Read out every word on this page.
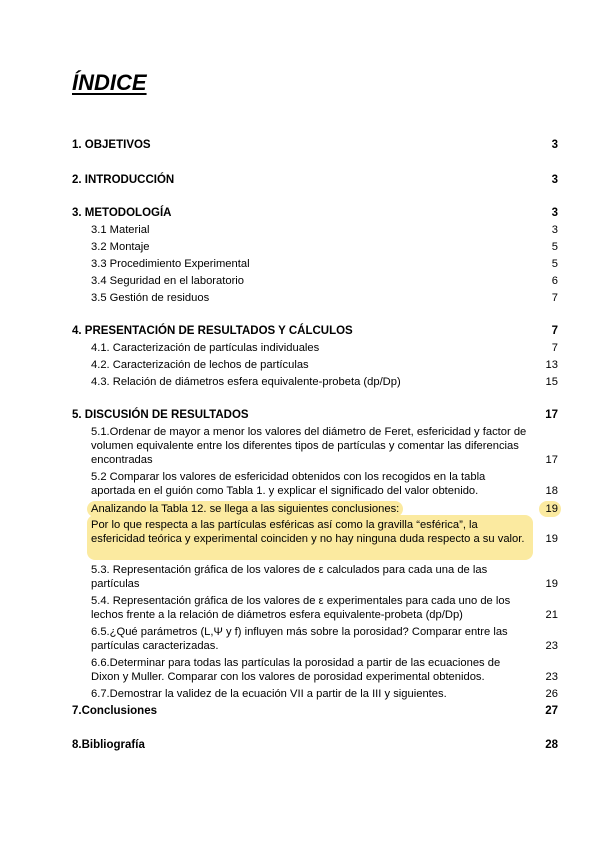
ÍNDICE
1. OBJETIVOS	3
2. INTRODUCCIÓN	3
3. METODOLOGÍA	3
3.1 Material	3
3.2 Montaje	5
3.3 Procedimiento Experimental	5
3.4 Seguridad en el laboratorio	6
3.5 Gestión de residuos	7
4. PRESENTACIÓN DE RESULTADOS Y CÁLCULOS	7
4.1. Caracterización de partículas individuales	7
4.2. Caracterización de lechos de partículas	13
4.3. Relación de diámetros esfera equivalente-probeta (dp/Dp)	15
5. DISCUSIÓN DE RESULTADOS	17
5.1.Ordenar de mayor a menor los valores del diámetro de Feret, esfericidad y factor de volumen equivalente entre los diferentes tipos de partículas y comentar las diferencias encontradas	17
5.2 Comparar los valores de esfericidad obtenidos con los recogidos en la tabla aportada en el guión como Tabla 1. y explicar el significado del valor obtenido.	18
Analizando la Tabla 12. se llega a las siguientes conclusiones:	19
Por lo que respecta a las partículas esféricas así como la gravilla “esférica”, la esfericidad teórica y experimental coinciden y no hay ninguna duda respecto a su valor.	19
5.3. Representación gráfica de los valores de ε calculados para cada una de las partículas	19
5.4. Representación gráfica de los valores de ε experimentales para cada uno de los lechos frente a la relación de diámetros esfera equivalente-probeta (dp/Dp)	21
6.5.¿Qué parámetros (L,Ψ y f) influyen más sobre la porosidad? Comparar entre las partículas caracterizadas.	23
6.6.Determinar para todas las partículas la porosidad a partir de las ecuaciones de Dixon y Muller. Comparar con los valores de porosidad experimental obtenidos.	23
6.7.Demostrar la validez de la ecuación VII a partir de la III y siguientes.	26
7.Conclusiones	27
8.Bibliografía	28
